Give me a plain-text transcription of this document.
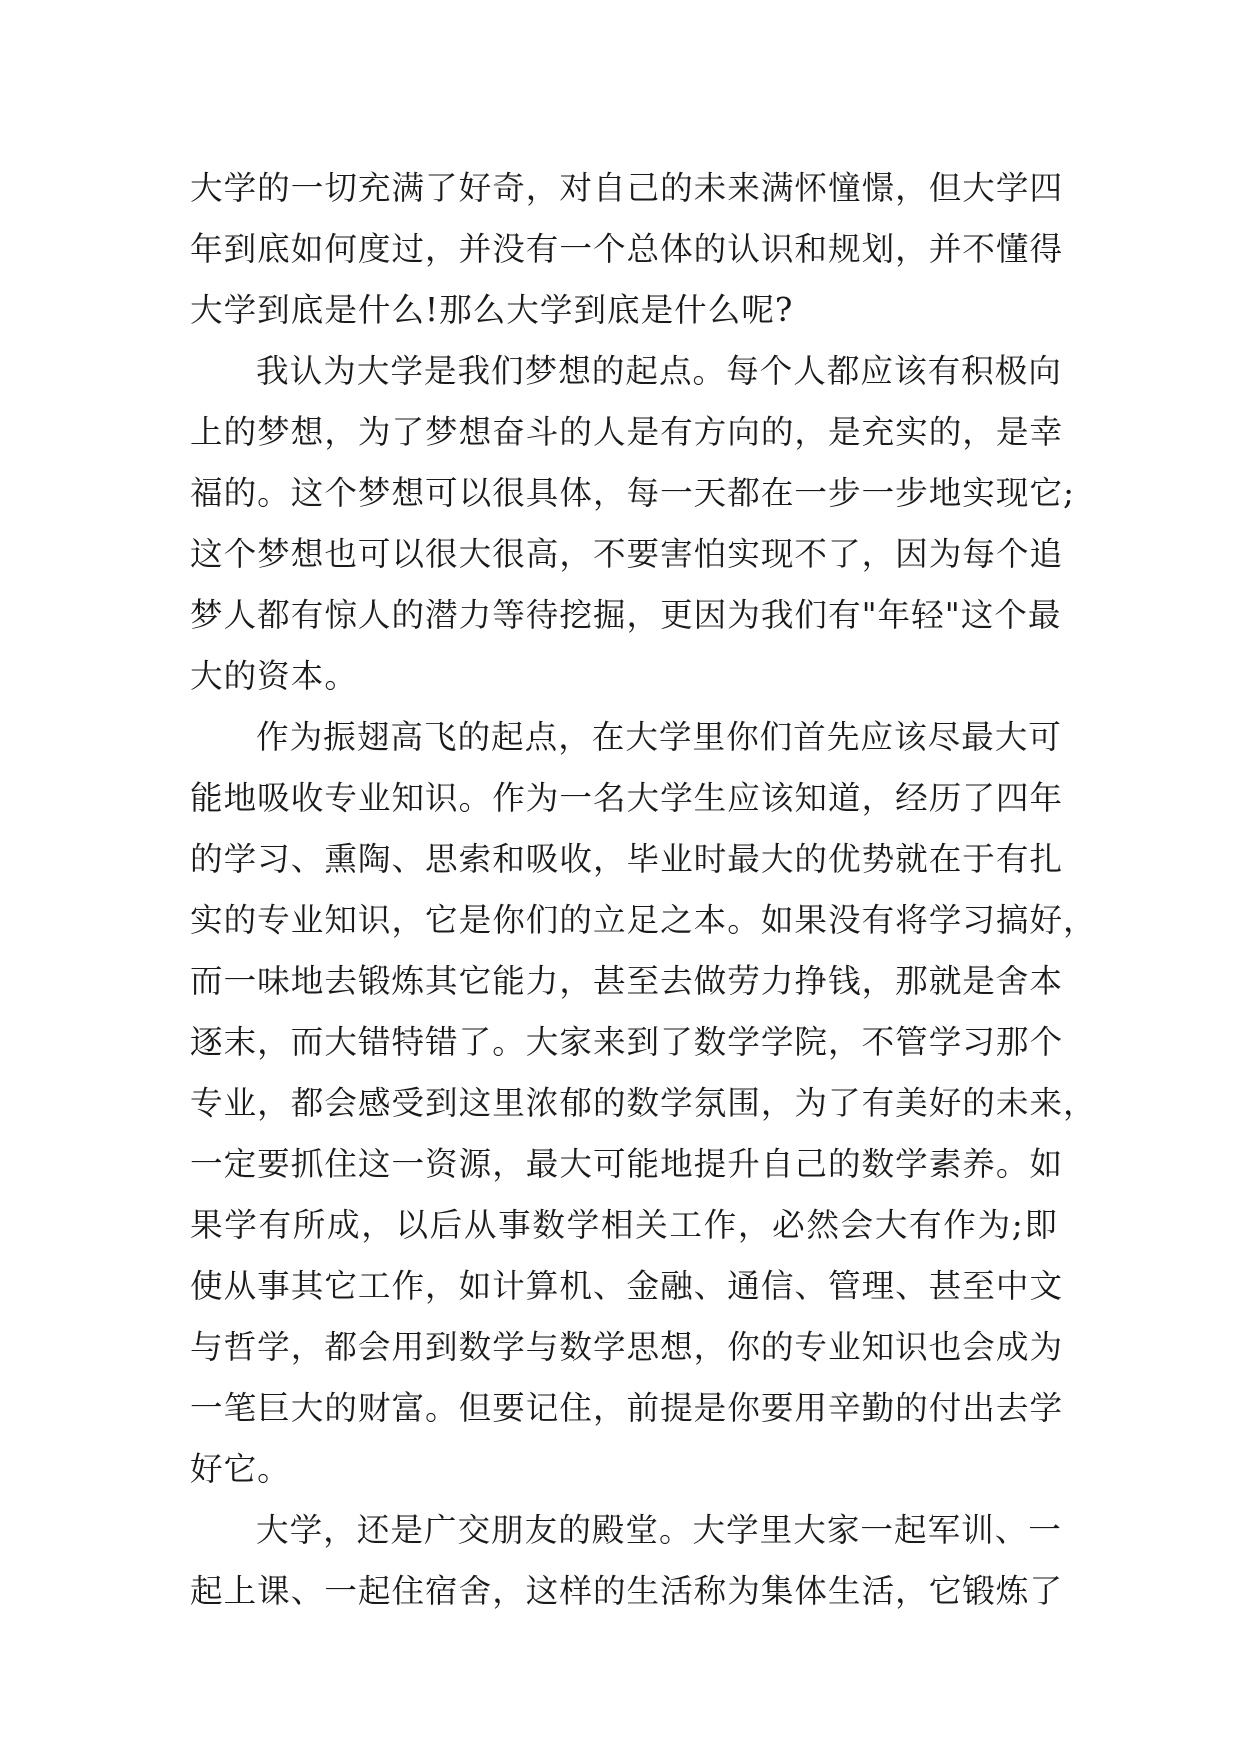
大学的一切充满了好奇，对自己的未来满怀憧憬，但大学四
年到底如何度过，并没有一个总体的认识和规划，并不懂得
大学到底是什么!那么大学到底是什么呢?
我认为大学是我们梦想的起点。每个人都应该有积极向
上的梦想，为了梦想奋斗的人是有方向的，是充实的，是幸
福的。这个梦想可以很具体，每一天都在一步一步地实现它;
这个梦想也可以很大很高，不要害怕实现不了，因为每个追
梦人都有惊人的潜力等待挖掘，更因为我们有"年轻"这个最
大的资本。
作为振翅高飞的起点，在大学里你们首先应该尽最大可
能地吸收专业知识。作为一名大学生应该知道，经历了四年
的学习、熏陶、思索和吸收，毕业时最大的优势就在于有扎
实的专业知识，它是你们的立足之本。如果没有将学习搞好，
而一味地去锻炼其它能力，甚至去做劳力挣钱，那就是舍本
逐末，而大错特错了。大家来到了数学学院，不管学习那个
专业，都会感受到这里浓郁的数学氛围，为了有美好的未来，
一定要抓住这一资源，最大可能地提升自己的数学素养。如
果学有所成，以后从事数学相关工作，必然会大有作为;即
使从事其它工作，如计算机、金融、通信、管理、甚至中文
与哲学，都会用到数学与数学思想，你的专业知识也会成为
一笔巨大的财富。但要记住，前提是你要用辛勤的付出去学
好它。
大学，还是广交朋友的殿堂。大学里大家一起军训、一
起上课、一起住宿舍，这样的生活称为集体生活，它锻炼了
